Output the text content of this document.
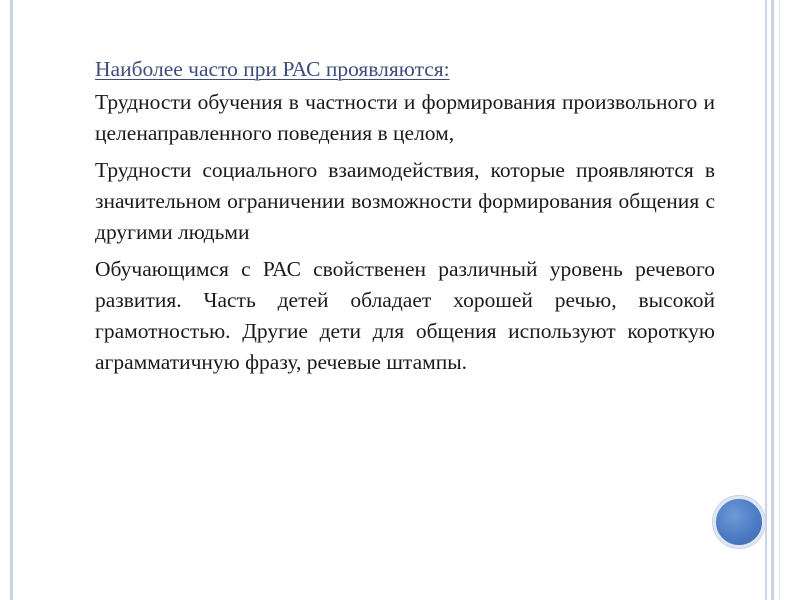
Наиболее часто при РАС проявляются:

Трудности обучения в частности и формирования произвольного и целенаправленного поведения в целом,

Трудности социального взаимодействия, которые проявляются в значительном ограничении возможности формирования общения с другими людьми

Обучающимся с РАС свойственен различный уровень речевого развития. Часть детей обладает хорошей речью, высокой грамотностью. Другие дети для общения используют короткую аграмматичную фразу, речевые штампы.
